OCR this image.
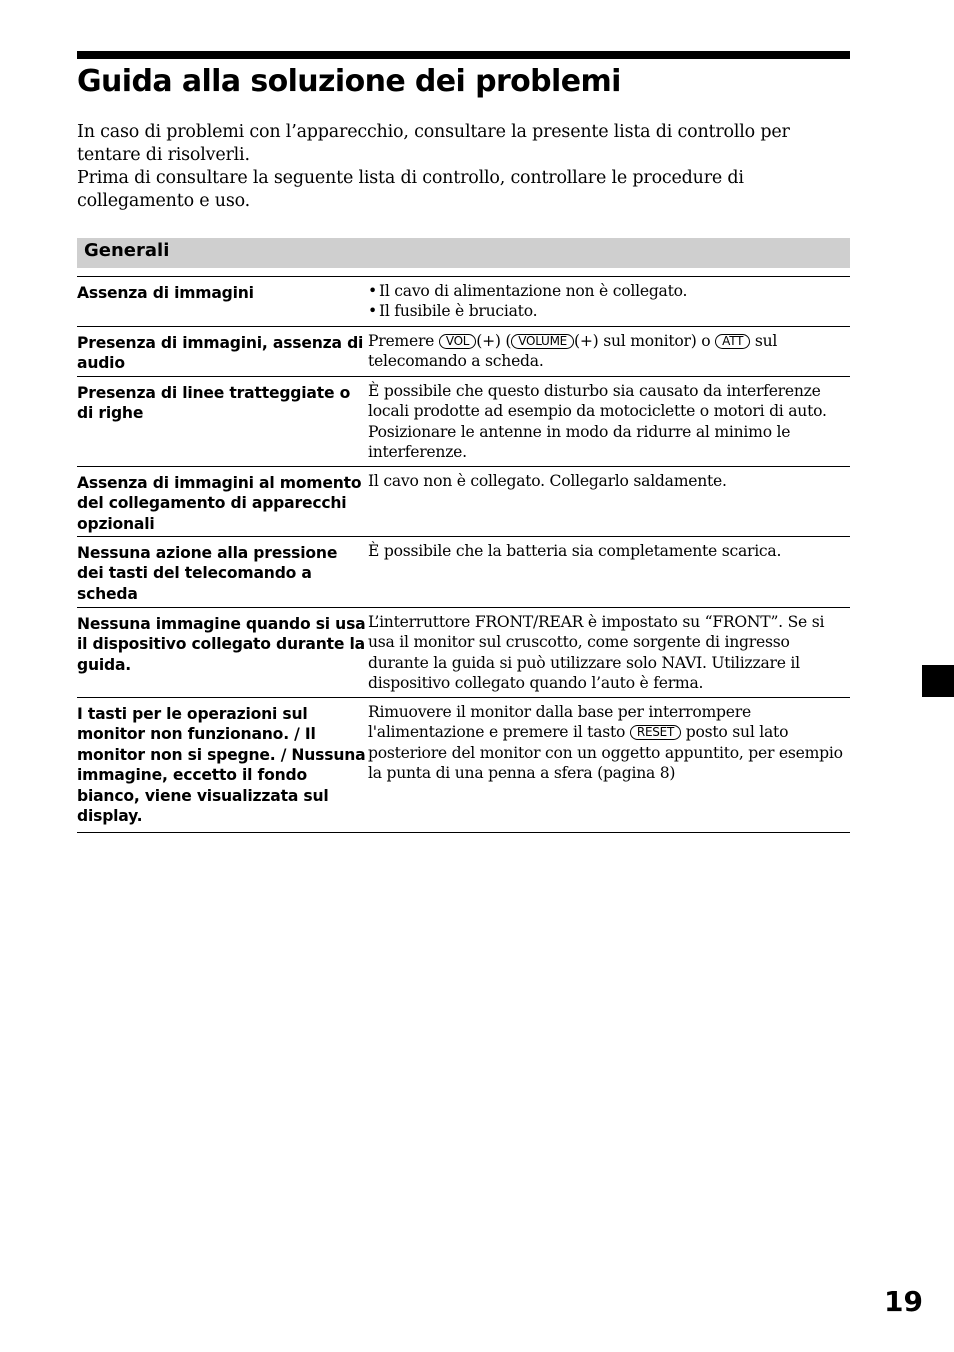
Guida alla soluzione dei problemi

In caso di problemi con l’apparecchio, consultare la presente lista di controllo per tentare di risolverli.

Prima di consultare la seguente lista di controllo, controllare le procedure di collegamento e uso.

Generali
Assenza di immagini
•	Il cavo di alimentazione non è collegato.
• Il fusibile è bruciato.
Presenza di immagini, assenza di audio
Premere VOL (+) ( VOLUME (+) sul monitor) o ATT sul telecomando a scheda.
Presenza di linee tratteggiate o di righe
È possibile che questo disturbo sia causato da interferenze locali prodotte ad esempio da motociclette o motori di auto. Posizionare le antenne in modo da ridurre al minimo le interferenze.
Assenza di immagini al momento del collegamento di apparecchi opzionali
Il cavo non è collegato. Collegarlo saldamente.
Nessuna azione alla pressione dei tasti del telecomando a scheda
È possibile che la batteria sia completamente scarica.
Nessuna immagine quando si usa il dispositivo collegato durante la guida.
L’interruttore FRONT/REAR è impostato su “FRONT”. Se si usa il monitor sul cruscotto, come sorgente di ingresso durante la guida si può utilizzare solo NAVI. Utilizzare il dispositivo collegato quando l’auto è ferma.
I tasti per le operazioni sul monitor non funzionano. / Il monitor non si spegne. / Nussuna immagine, eccetto il fondo bianco, viene visualizzata sul display.
Rimuovere il monitor dalla base per interrompere l'alimentazione e premere il tasto RESET posto sul lato posteriore del monitor con un oggetto appuntito, per esempio la punta di una penna a sfera (pagina 8)
19
